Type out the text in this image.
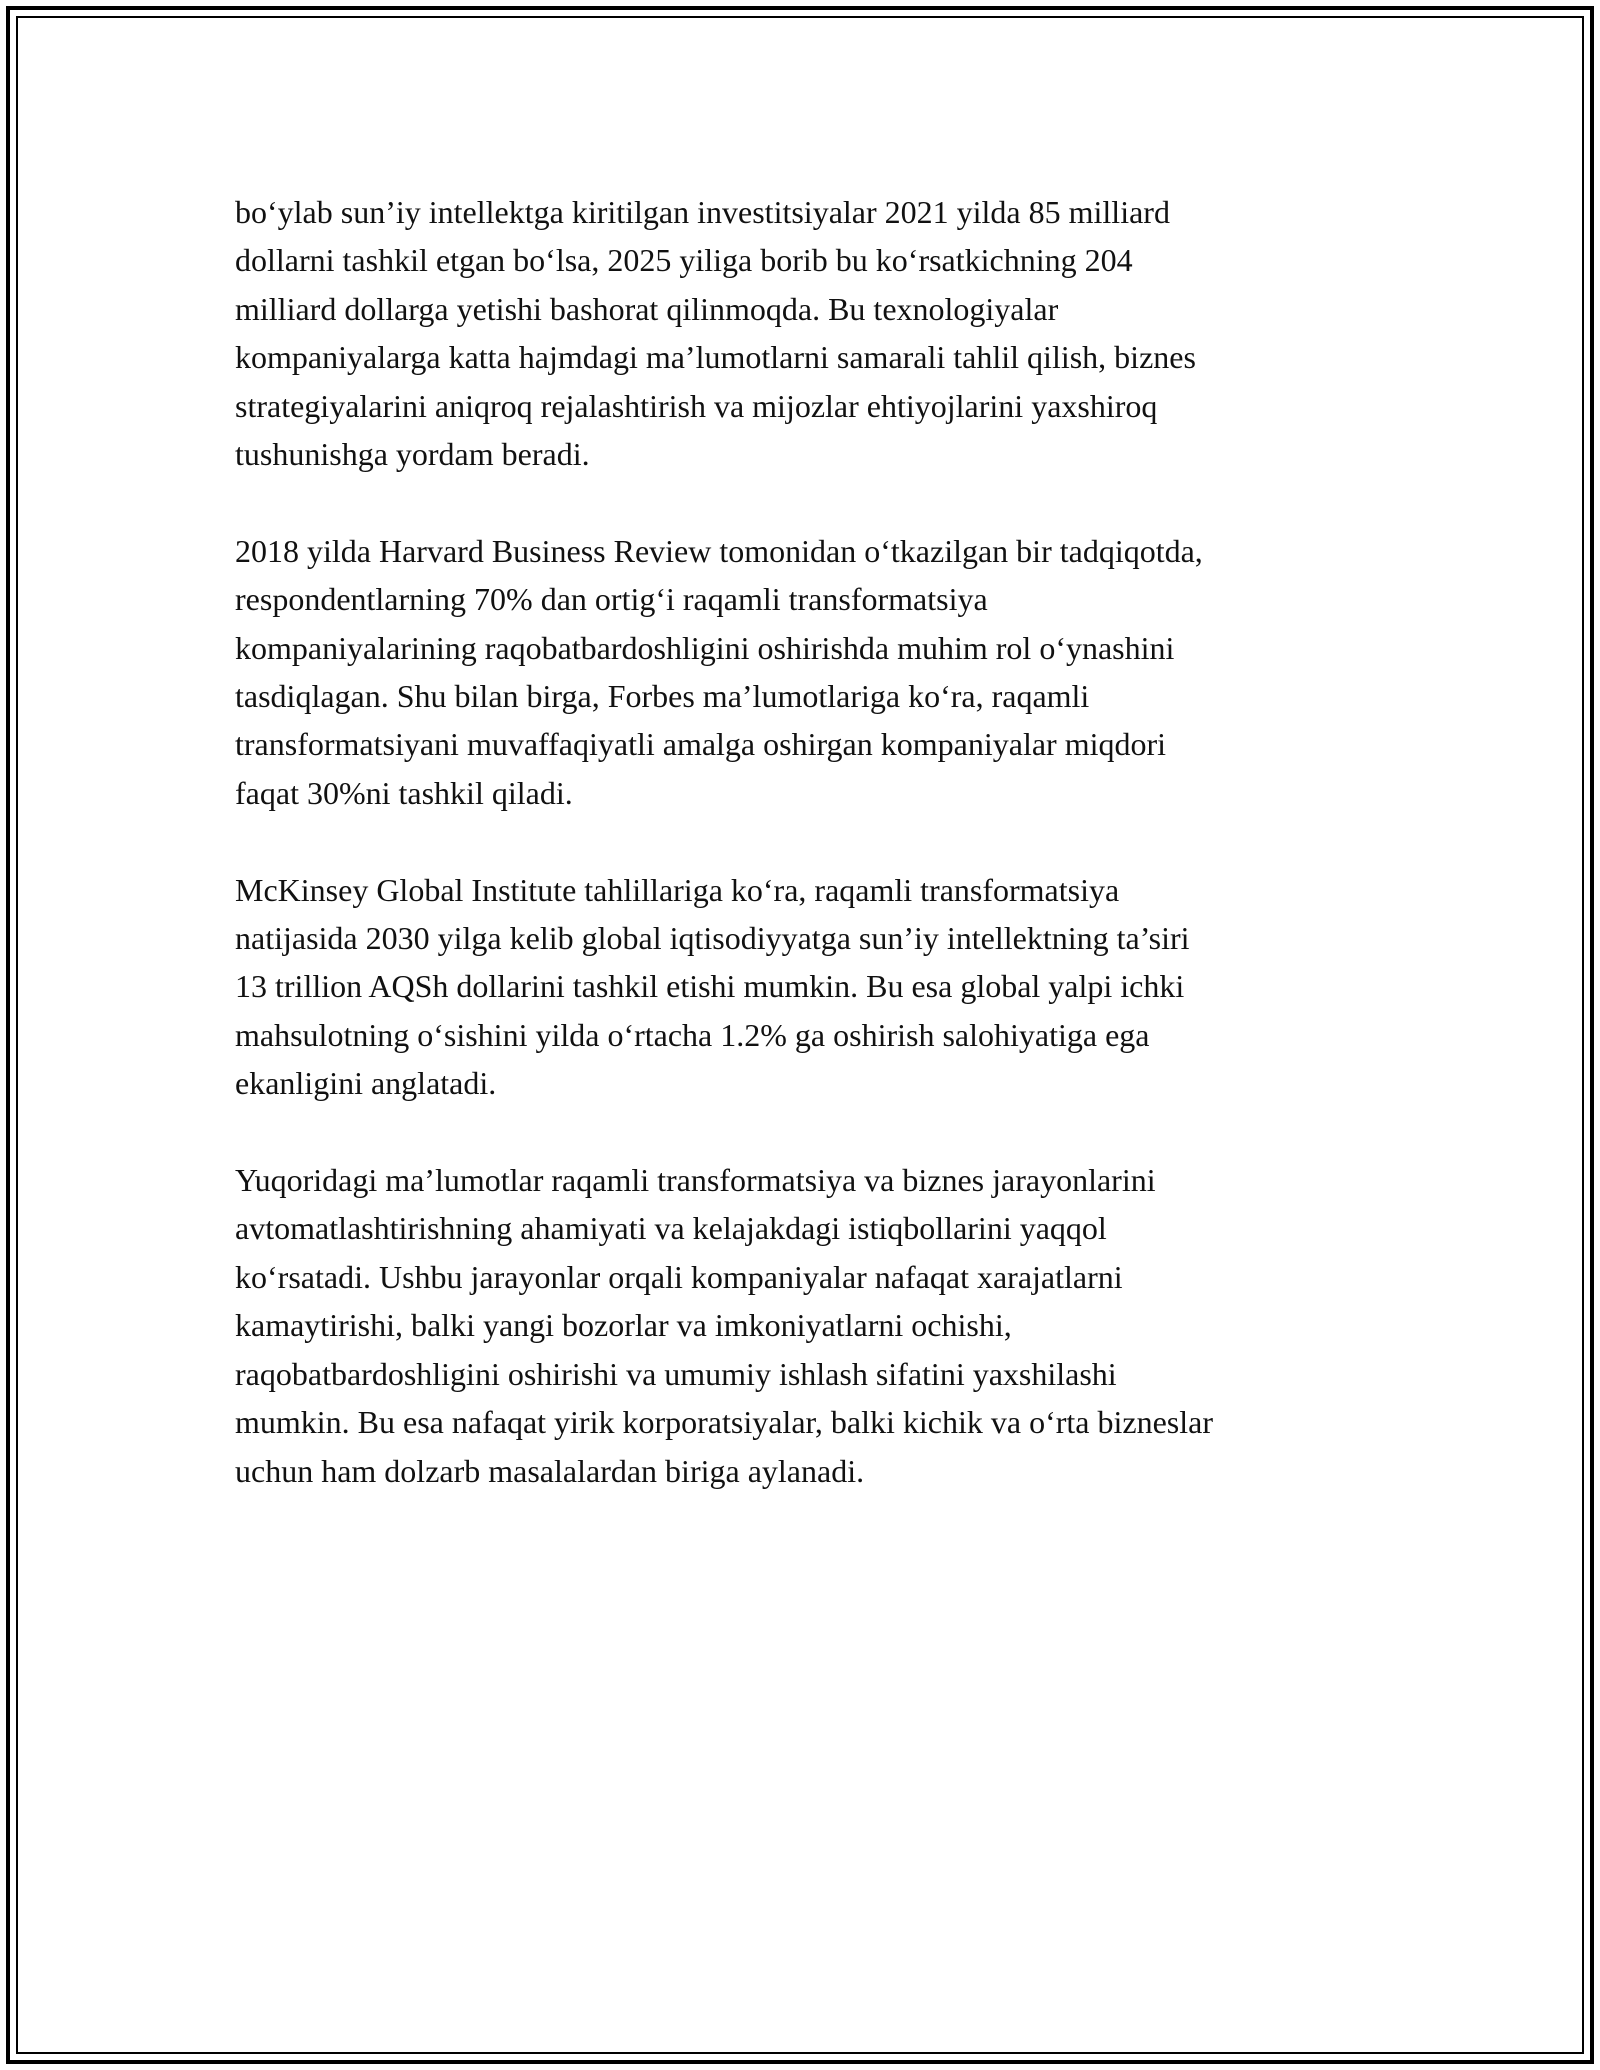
bo‘ylab sun’iy intellektga kiritilgan investitsiyalar 2021 yilda 85 milliard
dollarni tashkil etgan bo‘lsa, 2025 yiliga borib bu ko‘rsatkichning 204
milliard dollarga yetishi bashorat qilinmoqda. Bu texnologiyalar
kompaniyalarga katta hajmdagi ma’lumotlarni samarali tahlil qilish, biznes
strategiyalarini aniqroq rejalashtirish va mijozlar ehtiyojlarini yaxshiroq
tushunishga yordam beradi.

2018 yilda Harvard Business Review tomonidan o‘tkazilgan bir tadqiqotda,
respondentlarning 70% dan ortig‘i raqamli transformatsiya
kompaniyalarining raqobatbardoshligini oshirishda muhim rol o‘ynashini
tasdiqlagan. Shu bilan birga, Forbes ma’lumotlariga ko‘ra, raqamli
transformatsiyani muvaffaqiyatli amalga oshirgan kompaniyalar miqdori
faqat 30%ni tashkil qiladi.

McKinsey Global Institute tahlillariga ko‘ra, raqamli transformatsiya
natijasida 2030 yilga kelib global iqtisodiyyatga sun’iy intellektning ta’siri
13 trillion AQSh dollarini tashkil etishi mumkin. Bu esa global yalpi ichki
mahsulotning o‘sishini yilda o‘rtacha 1.2% ga oshirish salohiyatiga ega
ekanligini anglatadi.

Yuqoridagi ma’lumotlar raqamli transformatsiya va biznes jarayonlarini
avtomatlashtirishning ahamiyati va kelajakdagi istiqbollarini yaqqol
ko‘rsatadi. Ushbu jarayonlar orqali kompaniyalar nafaqat xarajatlarni
kamaytirishi, balki yangi bozorlar va imkoniyatlarni ochishi,
raqobatbardoshligini oshirishi va umumiy ishlash sifatini yaxshilashi
mumkin. Bu esa nafaqat yirik korporatsiyalar, balki kichik va o‘rta bizneslar
uchun ham dolzarb masalalardan biriga aylanadi.
